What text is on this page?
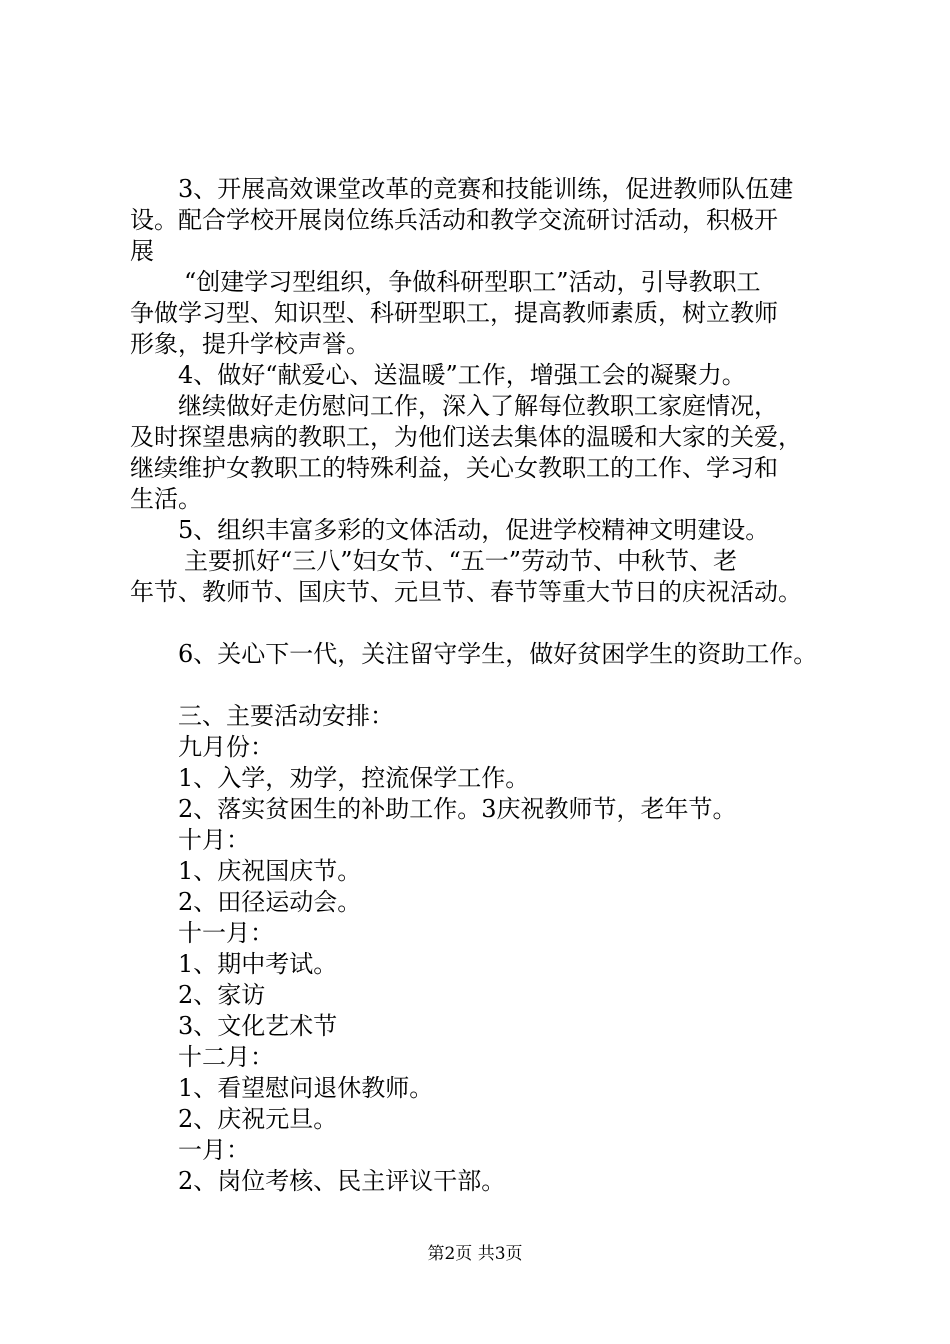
3、开展高效课堂改革的竞赛和技能训练，促进教师队伍建
设。配合学校开展岗位练兵活动和教学交流研讨活动，积极开
展
“创建学习型组织，争做科研型职工”活动，引导教职工
争做学习型、知识型、科研型职工，提高教师素质，树立教师
形象，提升学校声誉。
4、做好“献爱心、送温暖”工作，增强工会的凝聚力。
继续做好走仿慰问工作，深入了解每位教职工家庭情况，
及时探望患病的教职工，为他们送去集体的温暖和大家的关爱，
继续维护女教职工的特殊利益，关心女教职工的工作、学习和
生活。
5、组织丰富多彩的文体活动，促进学校精神文明建设。
主要抓好“三八”妇女节、“五一”劳动节、中秋节、老
年节、教师节、国庆节、元旦节、春节等重大节日的庆祝活动。
6、关心下一代，关注留守学生，做好贫困学生的资助工作。
三、主要活动安排：
九月份：
1、入学，劝学，控流保学工作。
2、落实贫困生的补助工作。3庆祝教师节，老年节。
十月：
1、庆祝国庆节。
2、田径运动会。
十一月：
1、期中考试。
2、家访
3、文化艺术节
十二月：
1、看望慰问退休教师。
2、庆祝元旦。
一月：
2、岗位考核、民主评议干部。
第2页 共3页
